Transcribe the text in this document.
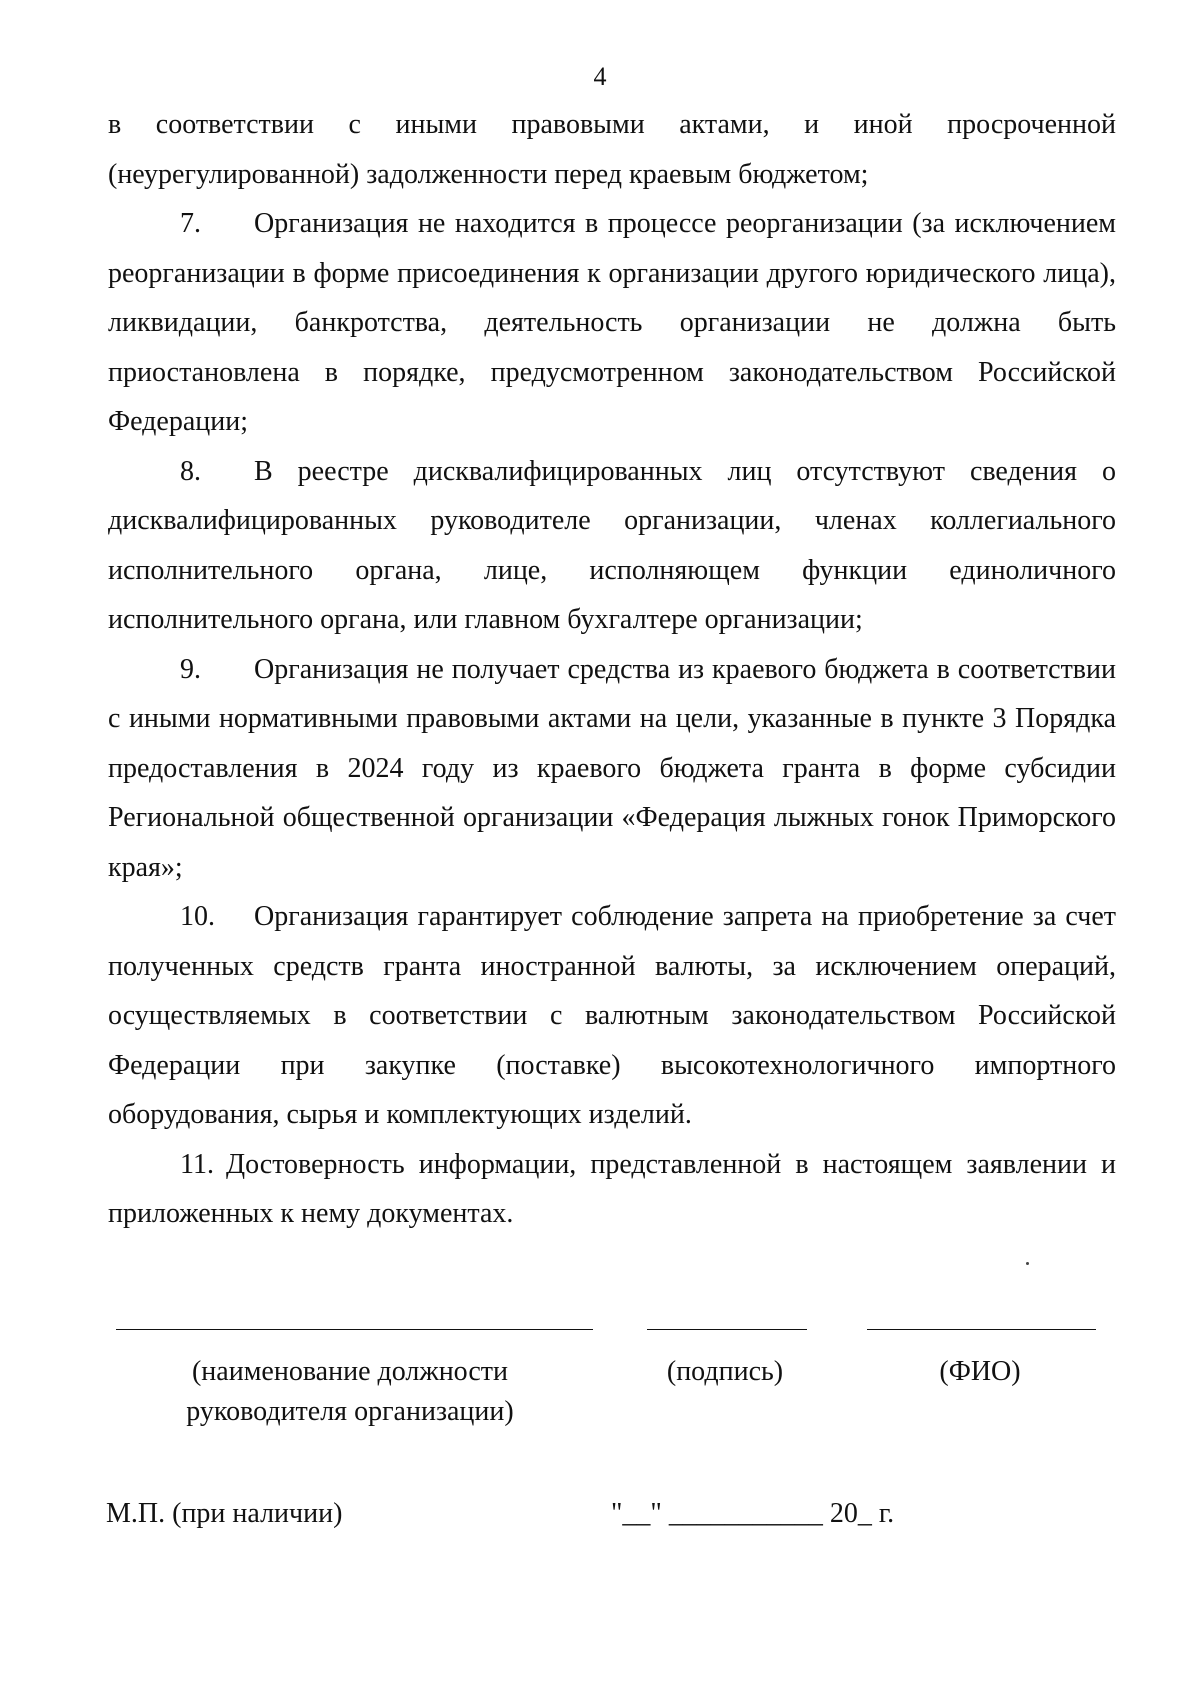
4

в соответствии с иными правовыми актами, и иной просроченной (неурегулированной) задолженности перед краевым бюджетом;

7. Организация не находится в процессе реорганизации (за исключением реорганизации в форме присоединения к организации другого юридического лица), ликвидации, банкротства, деятельность организации не должна быть приостановлена в порядке, предусмотренном законодательством Российской Федерации;

8. В реестре дисквалифицированных лиц отсутствуют сведения о дисквалифицированных руководителе организации, членах коллегиального исполнительного органа, лице, исполняющем функции единоличного исполнительного органа, или главном бухгалтере организации;

9. Организация не получает средства из краевого бюджета в соответствии с иными нормативными правовыми актами на цели, указанные в пункте 3 Порядка предоставления в 2024 году из краевого бюджета гранта в форме субсидии Региональной общественной организации «Федерация лыжных гонок Приморского края»;

10. Организация гарантирует соблюдение запрета на приобретение за счет полученных средств гранта иностранной валюты, за исключением операций, осуществляемых в соответствии с валютным законодательством Российской Федерации при закупке (поставке) высокотехнологичного импортного оборудования, сырья и комплектующих изделий.

11. Достоверность информации, представленной в настоящем заявлении и приложенных к нему документах.

(наименование должности руководителя организации)
(подпись)	(ФИО)
М.П. (при наличии)	"__" ___________ 20_ г.
